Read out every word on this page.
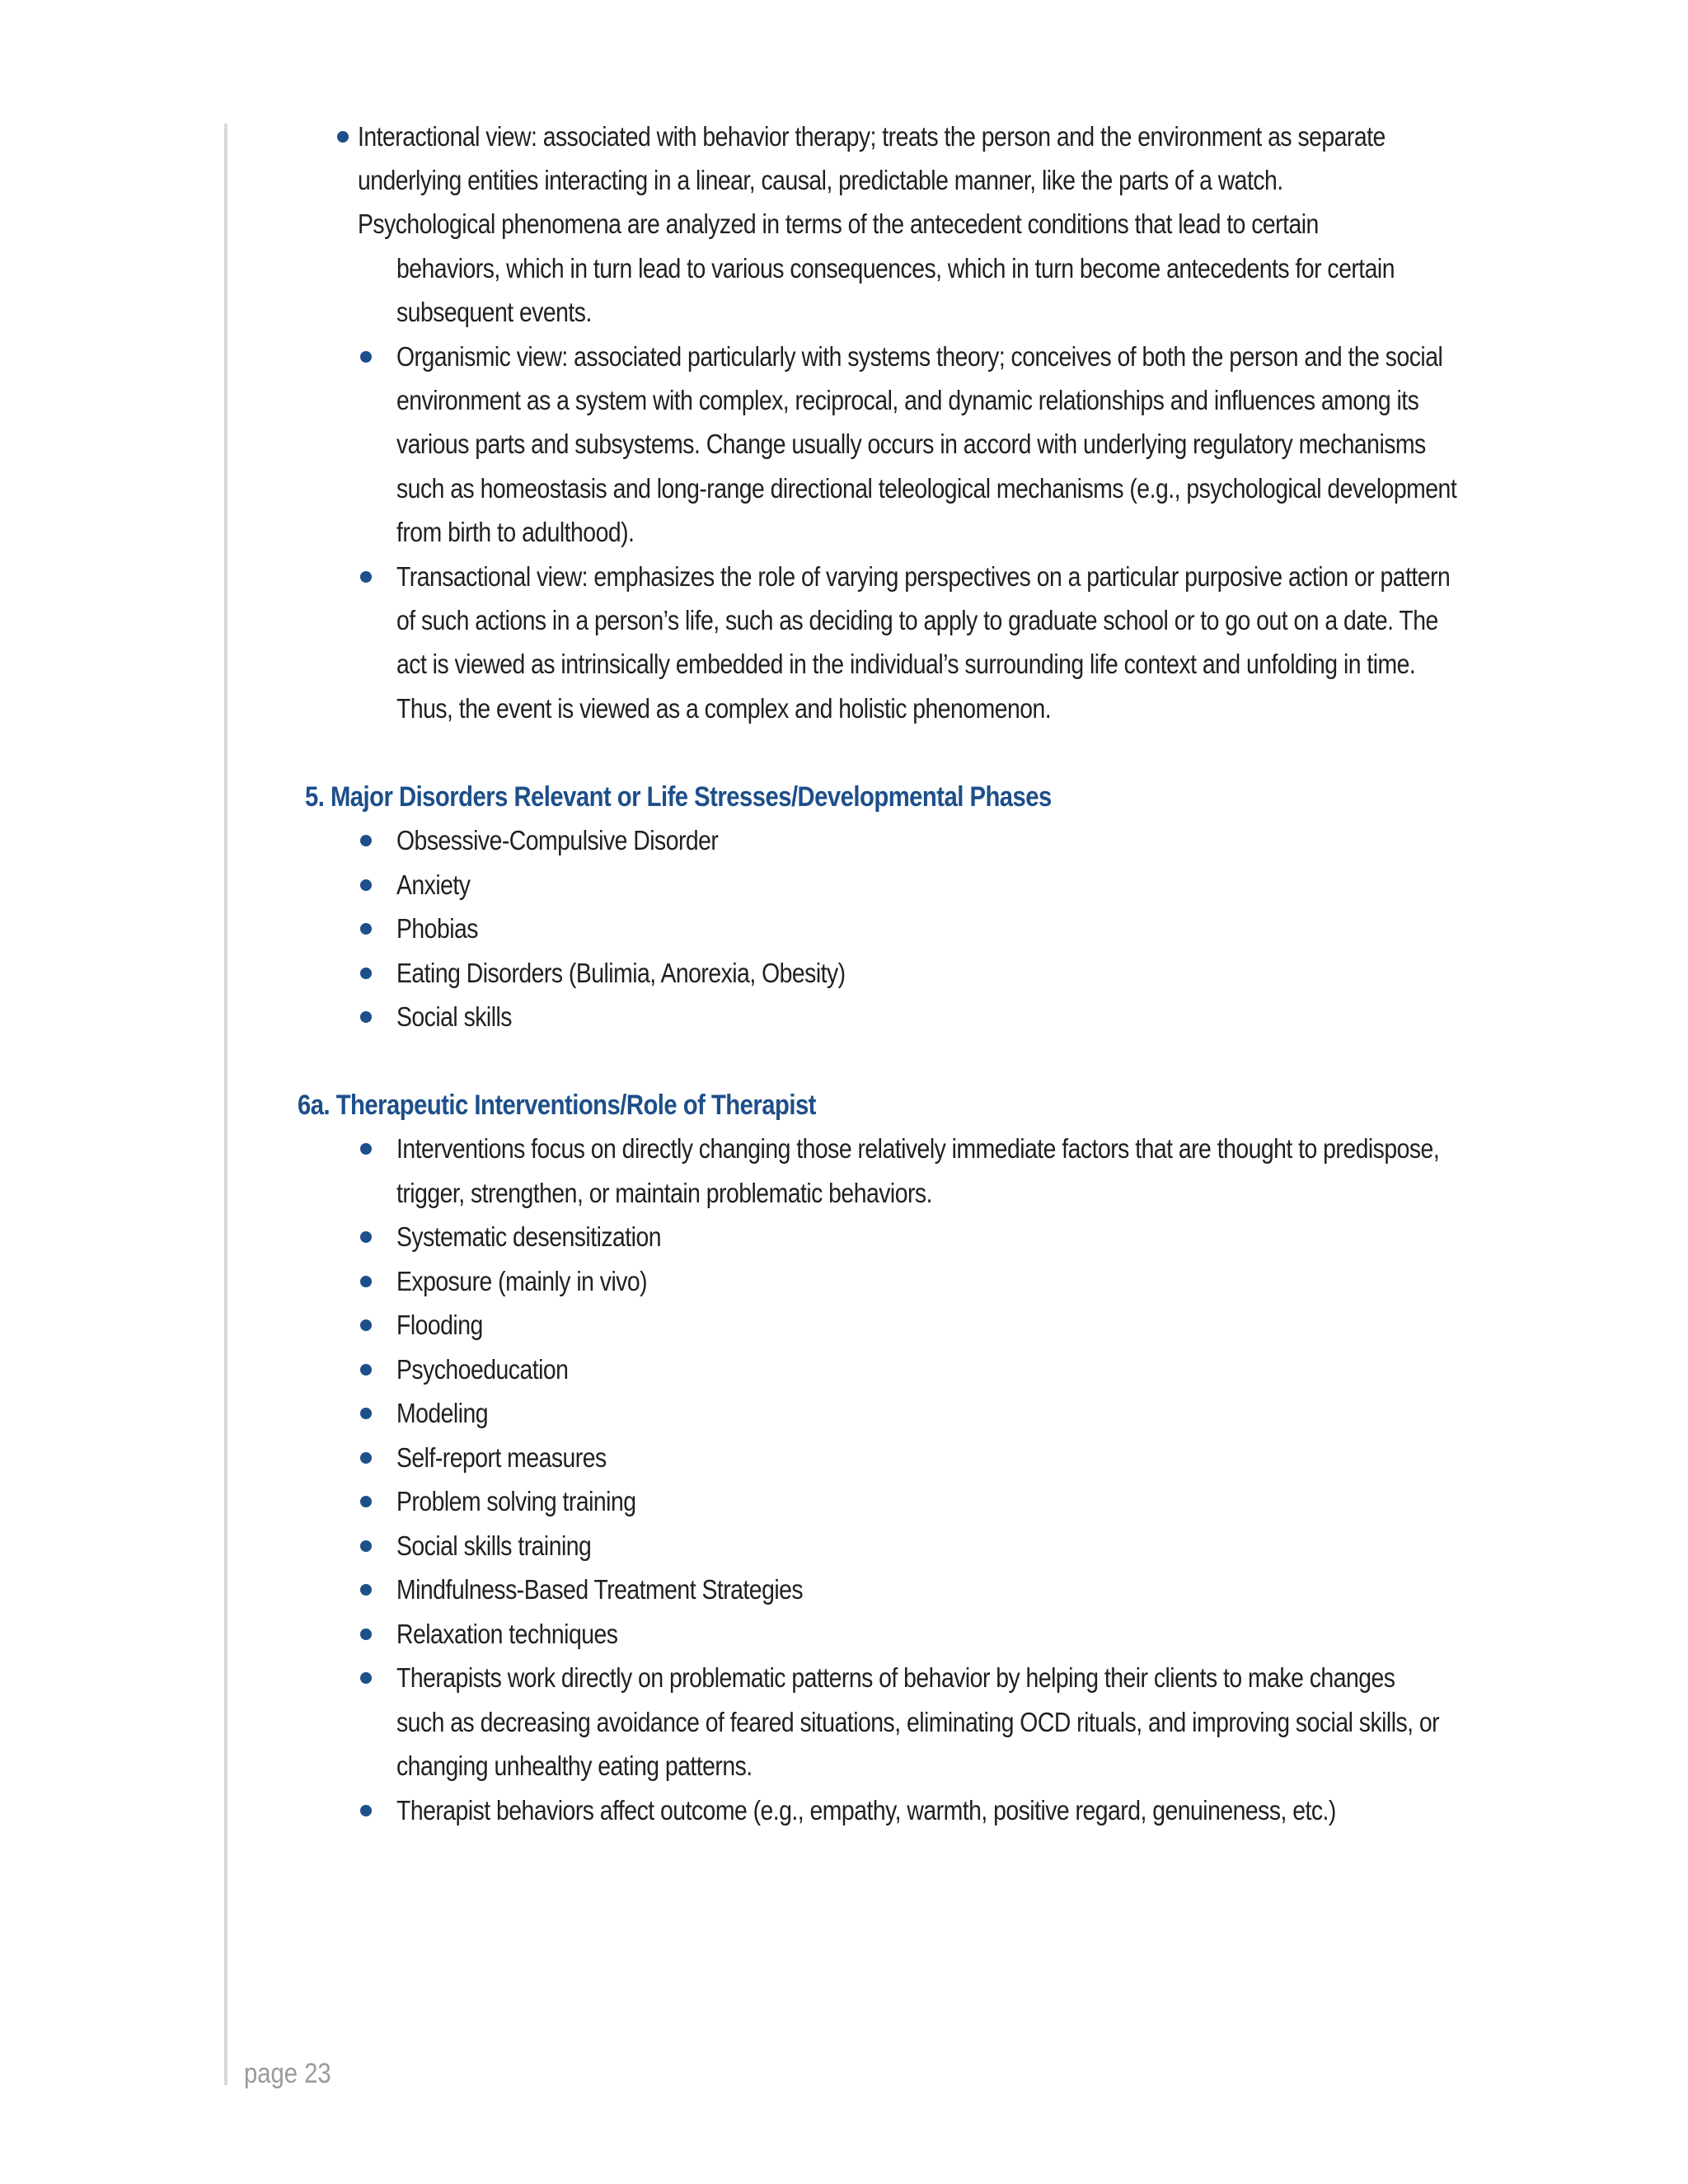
Interactional view: associated with behavior therapy; treats the person and the environment as separate
underlying entities interacting in a linear, causal, predictable manner, like the parts of a watch.
Psychological phenomena are analyzed in terms of the antecedent conditions that lead to certain
behaviors, which in turn lead to various consequences, which in turn become antecedents for certain
subsequent events.
Organismic view: associated particularly with systems theory; conceives of both the person and the social
environment as a system with complex, reciprocal, and dynamic relationships and influences among its
various parts and subsystems. Change usually occurs in accord with underlying regulatory mechanisms
such as homeostasis and long-range directional teleological mechanisms (e.g., psychological development
from birth to adulthood).
Transactional view: emphasizes the role of varying perspectives on a particular purposive action or pattern
of such actions in a person’s life, such as deciding to apply to graduate school or to go out on a date. The
act is viewed as intrinsically embedded in the individual’s surrounding life context and unfolding in time.
Thus, the event is viewed as a complex and holistic phenomenon.
5. Major Disorders Relevant or Life Stresses/Developmental Phases
Obsessive-Compulsive Disorder
Anxiety
Phobias
Eating Disorders (Bulimia, Anorexia, Obesity)
Social skills
6a. Therapeutic Interventions/Role of Therapist
Interventions focus on directly changing those relatively immediate factors that are thought to predispose,
trigger, strengthen, or maintain problematic behaviors.
Systematic desensitization
Exposure (mainly in vivo)
Flooding
Psychoeducation
Modeling
Self-report measures
Problem solving training
Social skills training
Mindfulness-Based Treatment Strategies
Relaxation techniques
Therapists work directly on problematic patterns of behavior by helping their clients to make changes
such as decreasing avoidance of feared situations, eliminating OCD rituals, and improving social skills, or
changing unhealthy eating patterns.
Therapist behaviors affect outcome (e.g., empathy, warmth, positive regard, genuineness, etc.)
page 23
